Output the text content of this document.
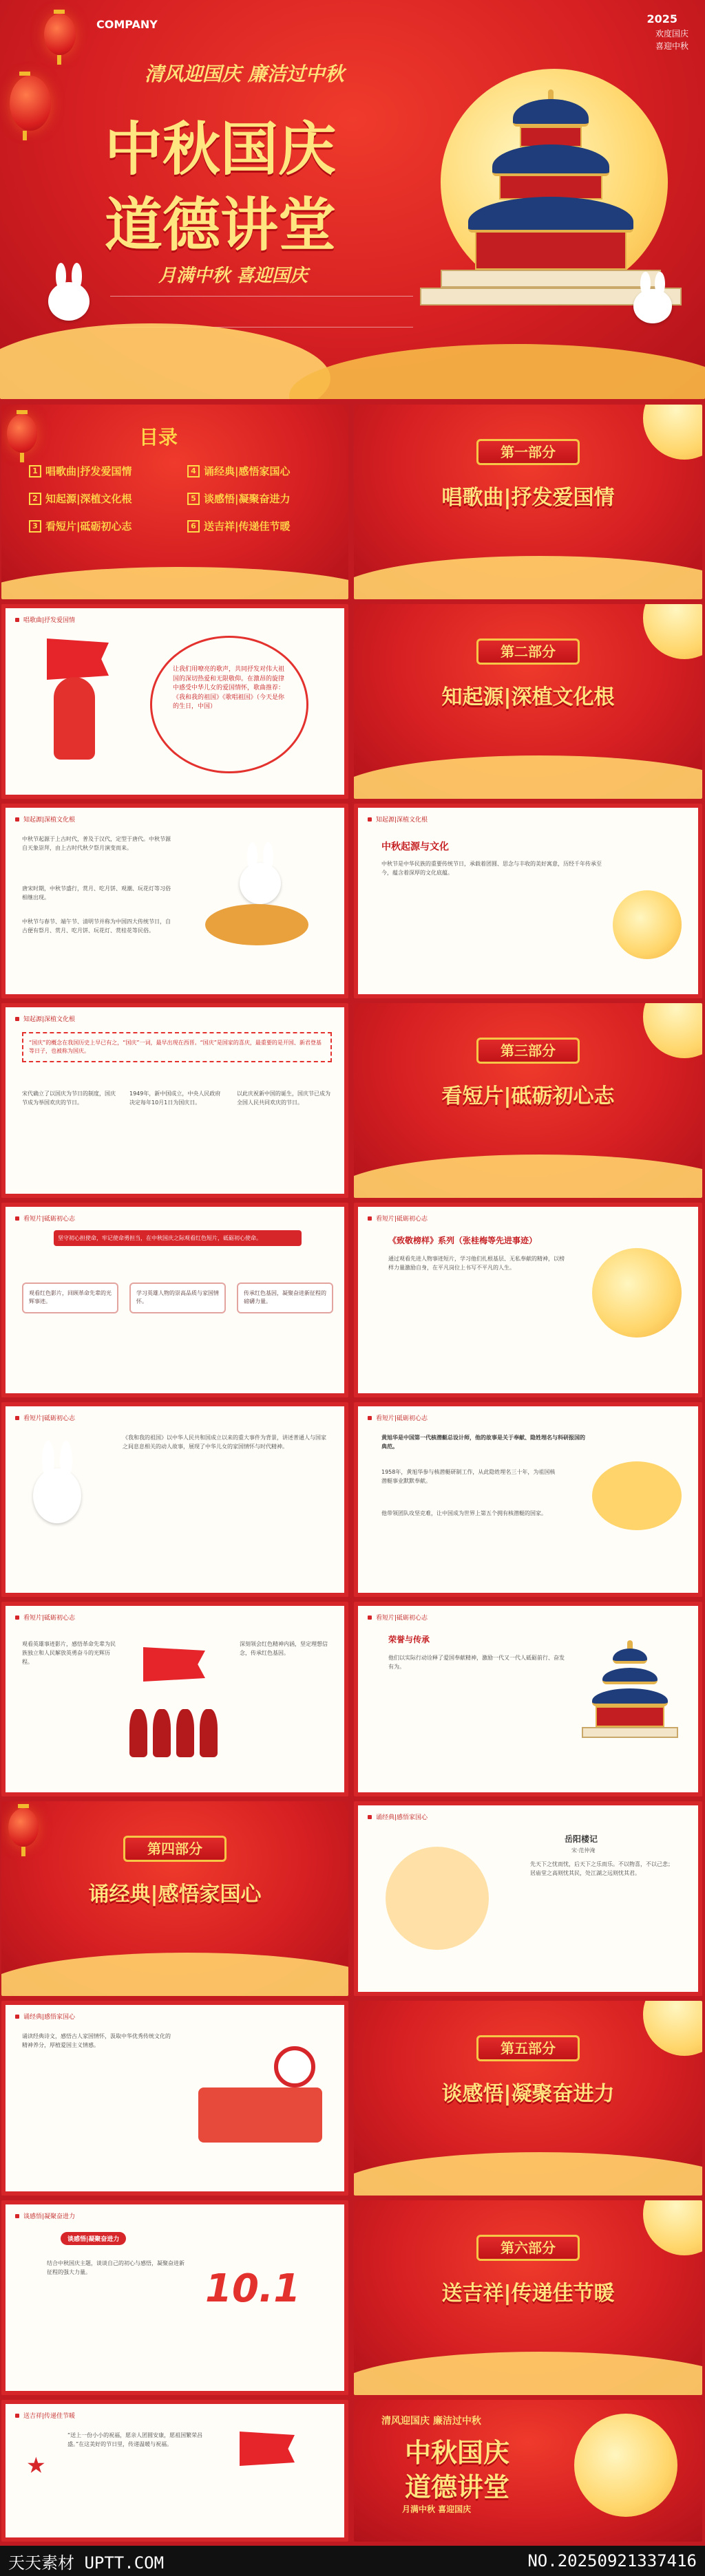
COMPANY	2025
欢度国庆
喜迎中秋
清风迎国庆 廉洁过中秋
中秋国庆
道德讲堂
月满中秋 喜迎国庆
目录
1 唱歌曲|抒发爱国情	4 诵经典|感悟家国心
2 知起源|深植文化根	5 谈感悟|凝聚奋进力
3 看短片|砥砺初心志	6 送吉祥|传递佳节暖
第一部分
唱歌曲|抒发爱国情
唱歌曲|抒发爱国情
让我们用嘹亮的歌声，共同抒发对伟大祖国的深切热爱和无限敬仰。在激昂的旋律中感受中华儿女的爱国情怀，歌曲推荐：《我和我的祖国》《歌唱祖国》（今天是你的生日，中国）
第二部分
知起源|深植文化根
知起源|深植文化根
中秋节起源于上古时代，普及于汉代，定型于唐代。中秋节源自天象崇拜，由上古时代秋夕祭月演变而来。
唐宋时期，中秋节盛行，赏月、吃月饼、观潮、玩花灯等习俗相继出现。
中秋节与春节、端午节、清明节并称为中国四大传统节日，自古便有祭月、赏月、吃月饼、玩花灯、赏桂花等民俗。
知起源|深植文化根
中秋起源与文化
中秋节是中华民族的重要传统节日，承载着团圆、思念与丰收的美好寓意，历经千年传承至今，蕴含着深厚的文化底蕴。
知起源|深植文化根
“国庆”的概念在我国历史上早已有之，“国庆”一词，最早出现在西晋。“国庆”是国家的喜庆，最重要的是开国、新君登基等日子，也被称为国庆。
宋代确立了以国庆为节日的制度，国庆节成为举国欢庆的节日。
1949年，新中国成立，中央人民政府决定每年10月1日为国庆日。
以此庆祝新中国的诞生，国庆节已成为全国人民共同欢庆的节日。
第三部分
看短片|砥砺初心志
看短片|砥砺初心志
坚守初心担使命，牢记使命勇担当，在中秋国庆之际观看红色短片，砥砺初心使命。
观看红色影片，回顾革命先辈的光辉事迹。
学习英雄人物的崇高品质与家国情怀。
传承红色基因，凝聚奋进新征程的磅礴力量。
看短片|砥砺初心志
《致敬榜样》系列（张桂梅等先进事迹）
通过观看先进人物事迹短片，学习他们扎根基层、无私奉献的精神，以榜样力量激励自身，在平凡岗位上书写不平凡的人生。
看短片|砥砺初心志
《我和我的祖国》以中华人民共和国成立以来的重大事件为背景，讲述普通人与国家之间息息相关的动人故事，展现了中华儿女的家国情怀与时代精神。
看短片|砥砺初心志
黄旭华是中国第一代核潜艇总设计师，他的故事是关于奉献、隐姓埋名与科研报国的典范。
1958年，黄旭华参与核潜艇研制工作，从此隐姓埋名三十年，为祖国核潜艇事业默默奉献。
他带领团队攻坚克难，让中国成为世界上第五个拥有核潜艇的国家。
看短片|砥砺初心志
观看英雄事迹影片，感悟革命先辈为民族独立和人民解放英勇奋斗的光辉历程。
深刻领会红色精神内涵，坚定理想信念，传承红色基因。
看短片|砥砺初心志
荣誉与传承
他们以实际行动诠释了爱国奉献精神，激励一代又一代人砥砺前行、奋发有为。
第四部分
诵经典|感悟家国心
诵经典|感悟家国心
岳阳楼记
宋·范仲淹
先天下之忧而忧，后天下之乐而乐。不以物喜，不以己悲；居庙堂之高则忧其民，处江湖之远则忧其君。
诵经典|感悟家国心
诵读经典诗文，感悟古人家国情怀，汲取中华优秀传统文化的精神养分，厚植爱国主义情感。	第五部分
谈感悟|凝聚奋进力
谈感悟|凝聚奋进力
谈感悟|凝聚奋进力
结合中秋国庆主题，谈谈自己的初心与感悟，凝聚奋进新征程的强大力量。	10.1
第六部分
送吉祥|传递佳节暖
送吉祥|传递佳节暖
★
“送上一份小小的祝福，愿亲人团圆安康，愿祖国繁荣昌盛。”在这美好的节日里，传递温暖与祝福。
清风迎国庆 廉洁过中秋
中秋国庆
道德讲堂
月满中秋 喜迎国庆
天天素材 UPTT.COM	NO.20250921337416
